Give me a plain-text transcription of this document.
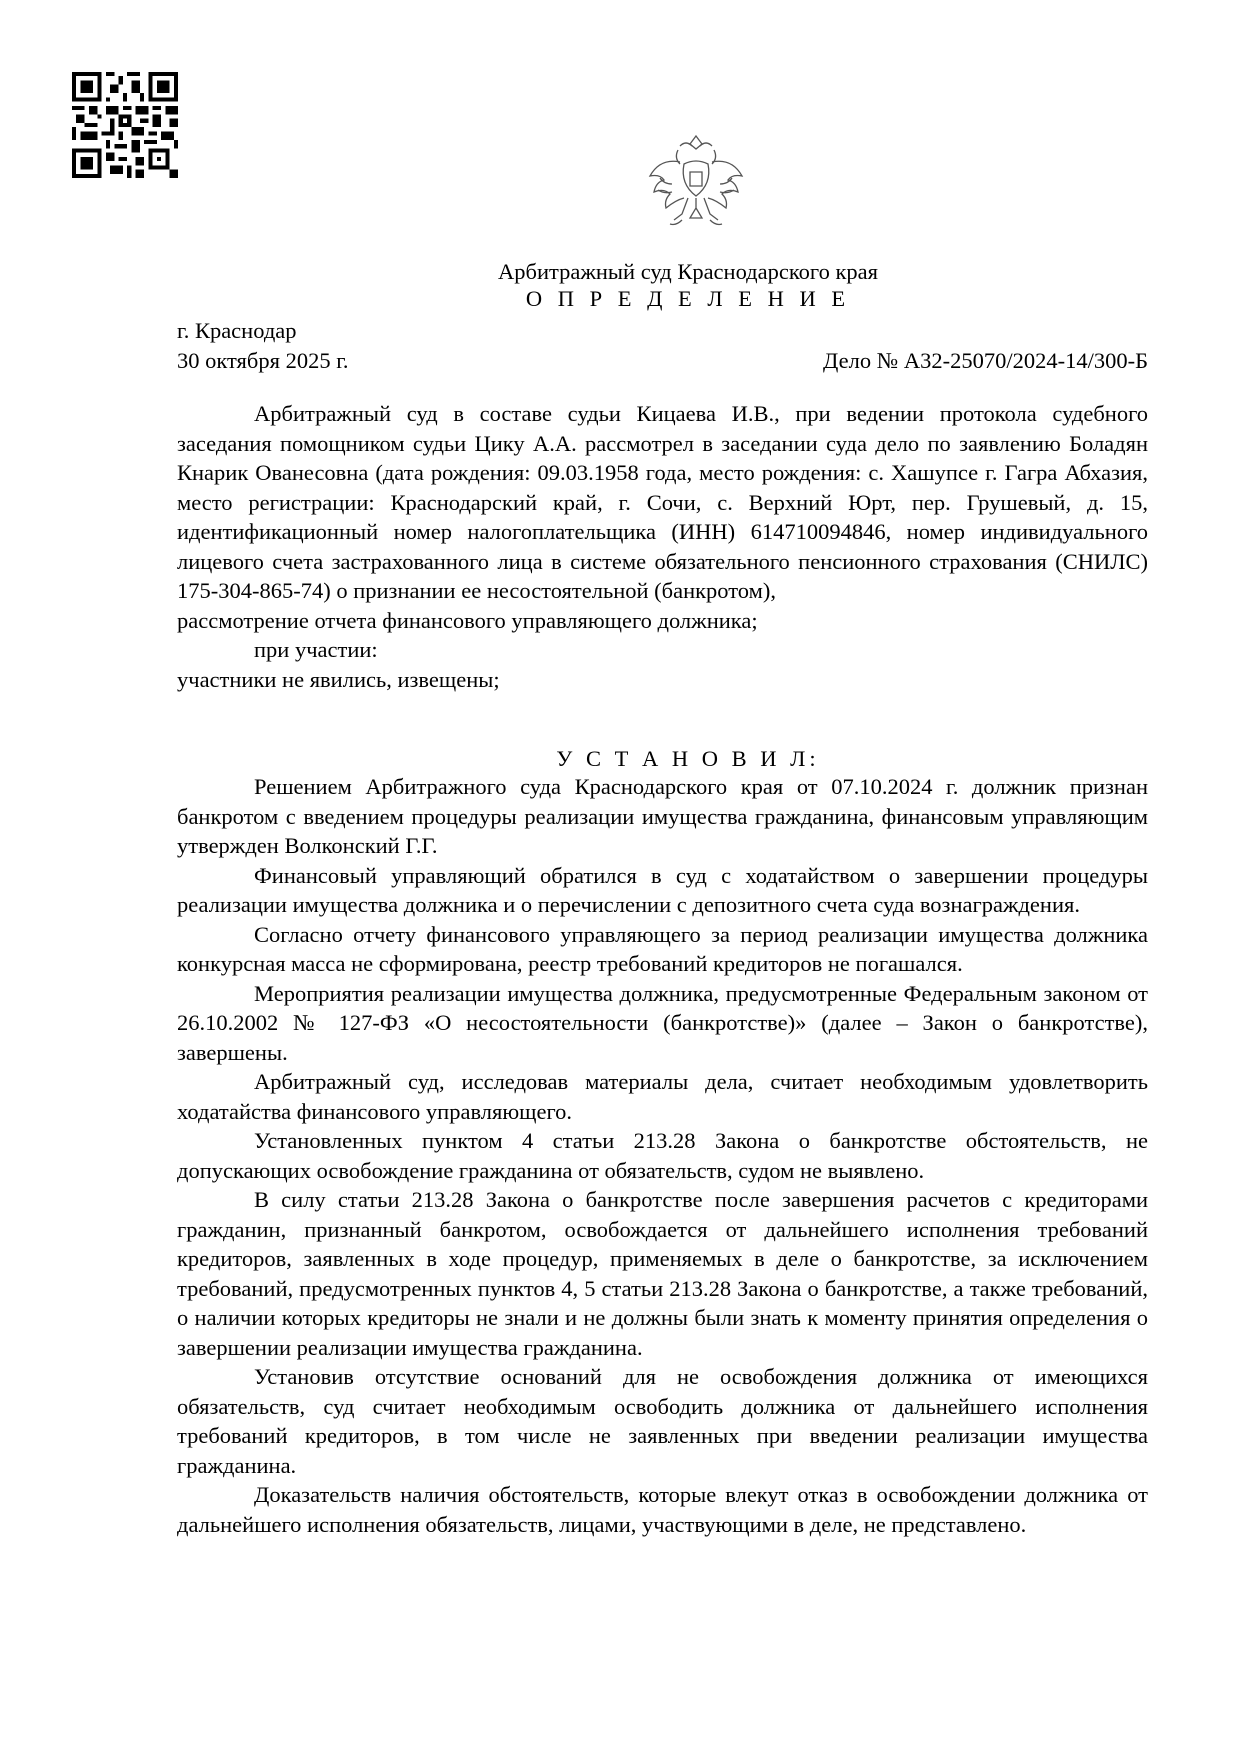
Арбитражный суд Краснодарского края
О П Р Е Д Е Л Е Н И Е
г. Краснодар
30 октября 2025 г.	Дело № А32-25070/2024-14/300-Б

Арбитражный суд в составе судьи Кицаева И.В., при ведении протокола судебного заседания помощником судьи Цику А.А. рассмотрел в заседании суда дело по заявлению Боладян Кнарик Ованесовна (дата рождения: 09.03.1958 года, место рождения: с. Хашупсе г. Гагра Абхазия, место регистрации: Краснодарский край, г. Сочи, с. Верхний Юрт, пер. Грушевый, д. 15, идентификационный номер налогоплательщика (ИНН) 614710094846, номер индивидуального лицевого счета застрахованного лица в системе обязательного пенсионного страхования (СНИЛС) 175-304-865-74) о признании ее несостоятельной (банкротом),

рассмотрение отчета финансового управляющего должника;

при участии:

участники не явились, извещены;

У С Т А Н О В И Л:

Решением Арбитражного суда Краснодарского края от 07.10.2024 г. должник признан банкротом с введением процедуры реализации имущества гражданина, финансовым управляющим утвержден Волконский Г.Г.

Финансовый управляющий обратился в суд с ходатайством о завершении процедуры реализации имущества должника и о перечислении с депозитного счета суда вознаграждения.

Согласно отчету финансового управляющего за период реализации имущества должника конкурсная масса не сформирована, реестр требований кредиторов не погашался.

Мероприятия реализации имущества должника, предусмотренные Федеральным законом от 26.10.2002 № 127-ФЗ «О несостоятельности (банкротстве)» (далее – Закон о банкротстве), завершены.

Арбитражный суд, исследовав материалы дела, считает необходимым удовлетворить ходатайства финансового управляющего.

Установленных пунктом 4 статьи 213.28 Закона о банкротстве обстоятельств, не допускающих освобождение гражданина от обязательств, судом не выявлено.

В силу статьи 213.28 Закона о банкротстве после завершения расчетов с кредиторами гражданин, признанный банкротом, освобождается от дальнейшего исполнения требований кредиторов, заявленных в ходе процедур, применяемых в деле о банкротстве, за исключением требований, предусмотренных пунктов 4, 5 статьи 213.28 Закона о банкротстве, а также требований, о наличии которых кредиторы не знали и не должны были знать к моменту принятия определения о завершении реализации имущества гражданина.

Установив отсутствие оснований для не освобождения должника от имеющихся обязательств, суд считает необходимым освободить должника от дальнейшего исполнения требований кредиторов, в том числе не заявленных при введении реализации имущества гражданина.

Доказательств наличия обстоятельств, которые влекут отказ в освобождении должника от дальнейшего исполнения обязательств, лицами, участвующими в деле, не представлено.
